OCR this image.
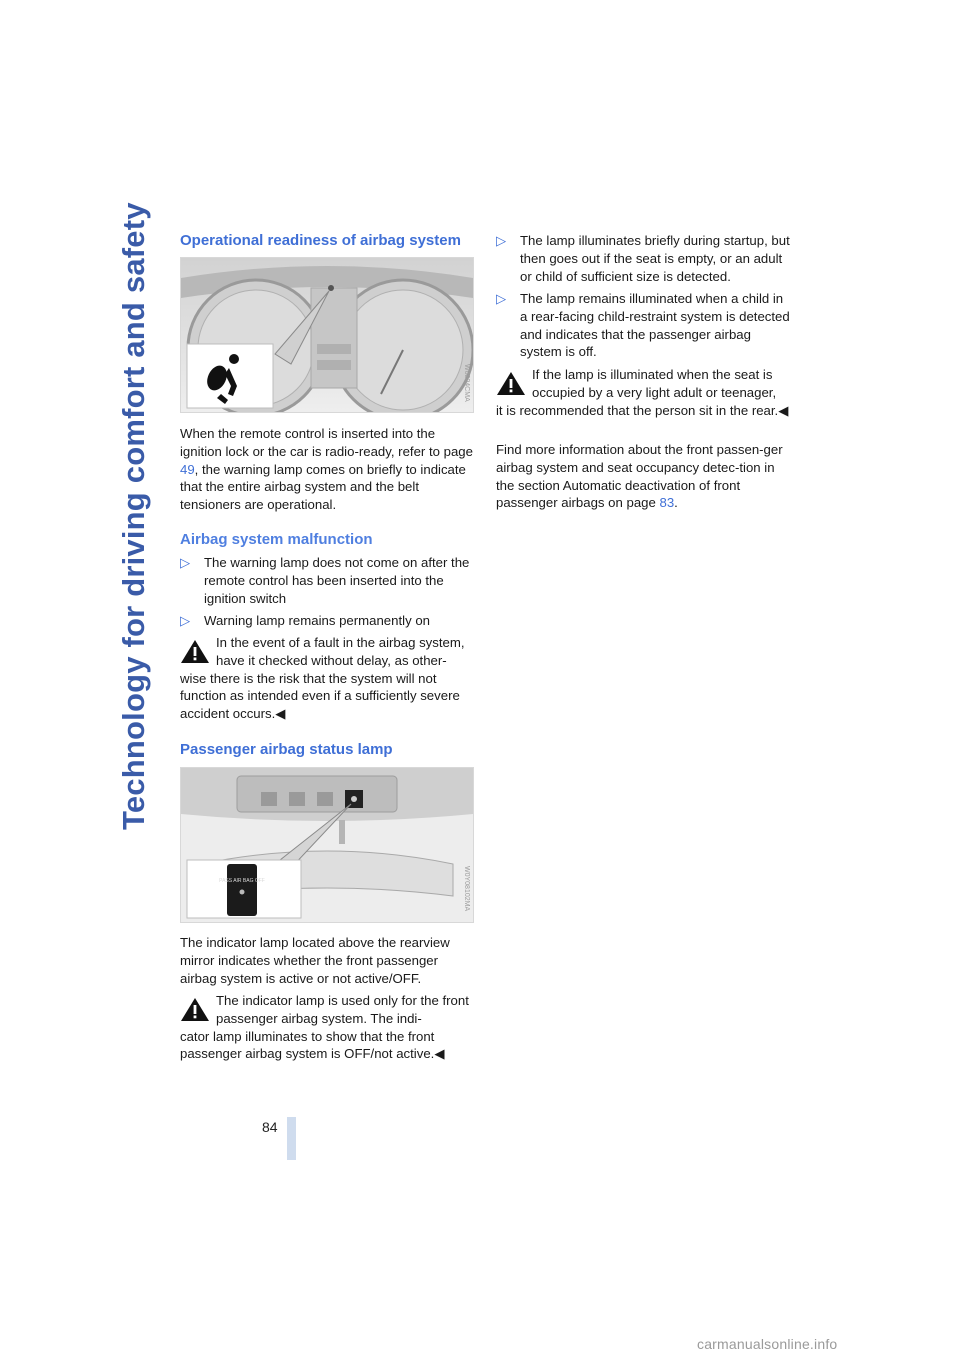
Technology for driving comfort and safety Operational readiness of airbag system
W0804CMA

When the remote control is inserted into the ignition lock or the car is radio-ready, refer to page 49, the warning lamp comes on briefly to indicate that the entire airbag system and the belt tensioners are operational.

Airbag system malfunction
▷ The warning lamp does not come on after the remote control has been inserted into the ignition switch
▷ Warning lamp remains permanently on
In the event of a fault in the airbag system, have it checked without delay, as other-
wise there is the risk that the system will not function as intended even if a sufficiently severe accident occurs.◀
Passenger airbag status lamp
PASS AIR BAG OFF	W0Y08102MA

The indicator lamp located above the rearview mirror indicates whether the front passenger airbag system is active or not active/OFF.

The indicator lamp is used only for the front passenger airbag system. The indi-
cator lamp illuminates to show that the front passenger airbag system is OFF/not active.◀
▷ The lamp illuminates briefly during startup, but then goes out if the seat is empty, or an adult or child of sufficient size is detected.
▷ The lamp remains illuminated when a child in a rear-facing child-restraint system is detected and indicates that the passenger airbag system is off.
If the lamp is illuminated when the seat is occupied by a very light adult or teenager,
it is recommended that the person sit in the rear.◀

Find more information about the front passen-ger airbag system and seat occupancy detec-tion in the section Automatic deactivation of front passenger airbags on page 83.

84
carmanualsonline.info
